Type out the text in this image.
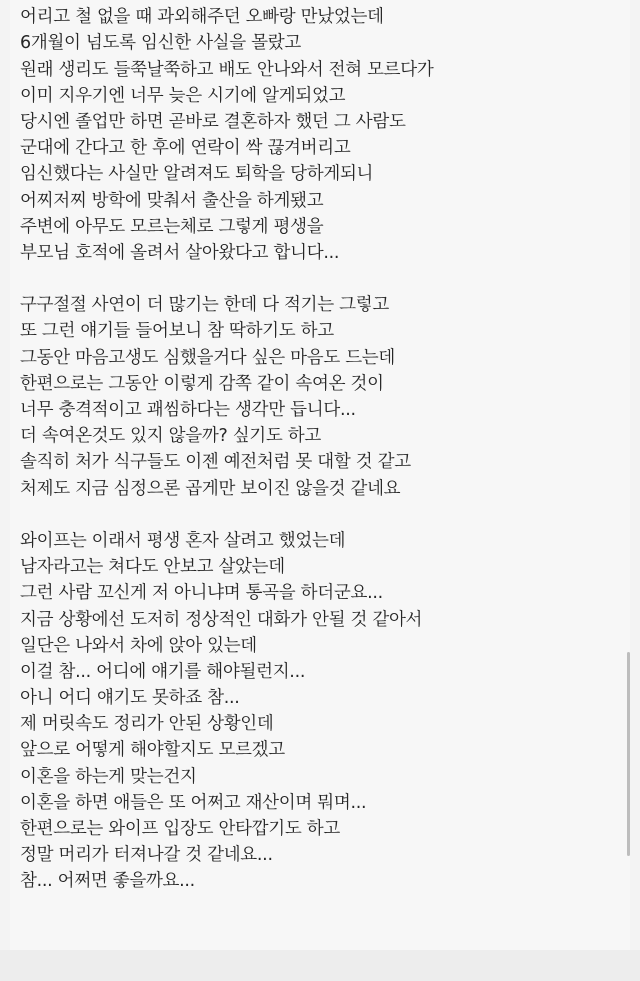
어리고 철 없을 때 과외해주던 오빠랑 만났었는데
6개월이 넘도록 임신한 사실을 몰랐고
원래 생리도 들쭉날쭉하고 배도 안나와서 전혀 모르다가
이미 지우기엔 너무 늦은 시기에 알게되었고
당시엔 졸업만 하면 곧바로 결혼하자 했던 그 사람도
군대에 간다고 한 후에 연락이 싹 끊겨버리고
임신했다는 사실만 알려져도 퇴학을 당하게되니
어찌저찌 방학에 맞춰서 출산을 하게됐고
주변에 아무도 모르는체로 그렇게 평생을
부모님 호적에 올려서 살아왔다고 합니다...
구구절절 사연이 더 많기는 한데 다 적기는 그렇고
또 그런 얘기들 들어보니 참 딱하기도 하고
그동안 마음고생도 심했을거다 싶은 마음도 드는데
한편으로는 그동안 이렇게 감쪽 같이 속여온 것이
너무 충격적이고 괘씸하다는 생각만 듭니다...
더 속여온것도 있지 않을까? 싶기도 하고
솔직히 처가 식구들도 이젠 예전처럼 못 대할 것 같고
처제도 지금 심정으론 곱게만 보이진 않을것 같네요
와이프는 이래서 평생 혼자 살려고 했었는데
남자라고는 쳐다도 안보고 살았는데
그런 사람 꼬신게 저 아니냐며 통곡을 하더군요...
지금 상황에선 도저히 정상적인 대화가 안될 것 같아서
일단은 나와서 차에 앉아 있는데
이걸 참... 어디에 얘기를 해야될런지...
아니 어디 얘기도 못하죠 참...
제 머릿속도 정리가 안된 상황인데
앞으로 어떻게 해야할지도 모르겠고
이혼을 하는게 맞는건지
이혼을 하면 애들은 또 어쩌고 재산이며 뭐며...
한편으로는 와이프 입장도 안타깝기도 하고
정말 머리가 터져나갈 것 같네요...
참... 어쩌면 좋을까요...
